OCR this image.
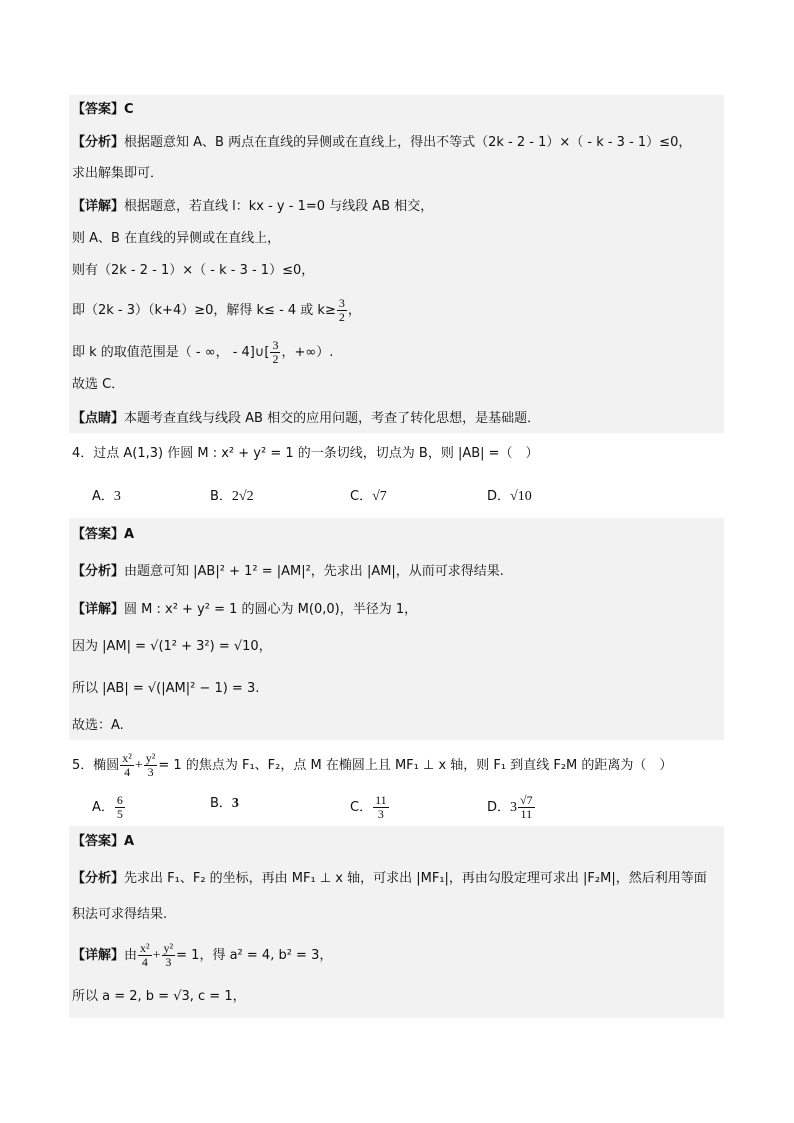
【答案】C
【分析】根据题意知 A、B 两点在直线的异侧或在直线上，得出不等式（2k - 2 - 1）×（ - k - 3 - 1）≤0，
求出解集即可．
【详解】根据题意，若直线 l：kx - y - 1=0 与线段 AB 相交，
则 A、B 在直线的异侧或在直线上，
则有（2k - 2 - 1）×（ - k - 3 - 1）≤0，
即（2k - 3）（k+4）≥0，解得 k≤ - 4 或 $k\ge \frac{3}{2}$ ，
即 k 的取值范围是（ - ∞， - 4]∪[ $\frac{3}{2}$ ，+∞）.
故选 C．
【点睛】本题考查直线与线段 AB 相交的应用问题，考查了转化思想，是基础题．
4．过点 A(1,3) 作圆 M : x² + y² = 1 的一条切线，切点为 B，则 |AB| =（　）
A．3	B．2√2	C．√7	D．√10
【答案】A
【分析】由题意可知 |AB|² + 1² = |AM|²，先求出 |AM|，从而可求得结果.
【详解】圆 M : x² + y² = 1 的圆心为 M(0,0)，半径为 1，
因为 |AM| = √(1² + 3²) = √10，
所以 |AB| = √(|AM|² − 1) = 3.
故选：A.
5．椭圆 $\frac{\text{x²}}{4} + \frac{\text{y²}}{3} = 1$ 的焦点为 F₁、F₂，点 M 在椭圆上且 MF₁ ⊥ x 轴，则 F₁ 到直线 F₂M 的距离为（　）
A． $\frac{6}{5}$	B．3	C． $\frac{11}{3}$	D．$3 \frac{√7}{11}$
【答案】A
【分析】先求出 F₁、F₂ 的坐标，再由 MF₁ ⊥ x 轴，可求出 |MF₁|，再由勾股定理可求出 |F₂M|，然后利用等面
积法可求得结果.
【详解】由 $\frac{\text{x²}}{4} + \frac{\text{y²}}{3} = 1$，得 a² = 4, b² = 3，
所以 a = 2, b = √3, c = 1，
